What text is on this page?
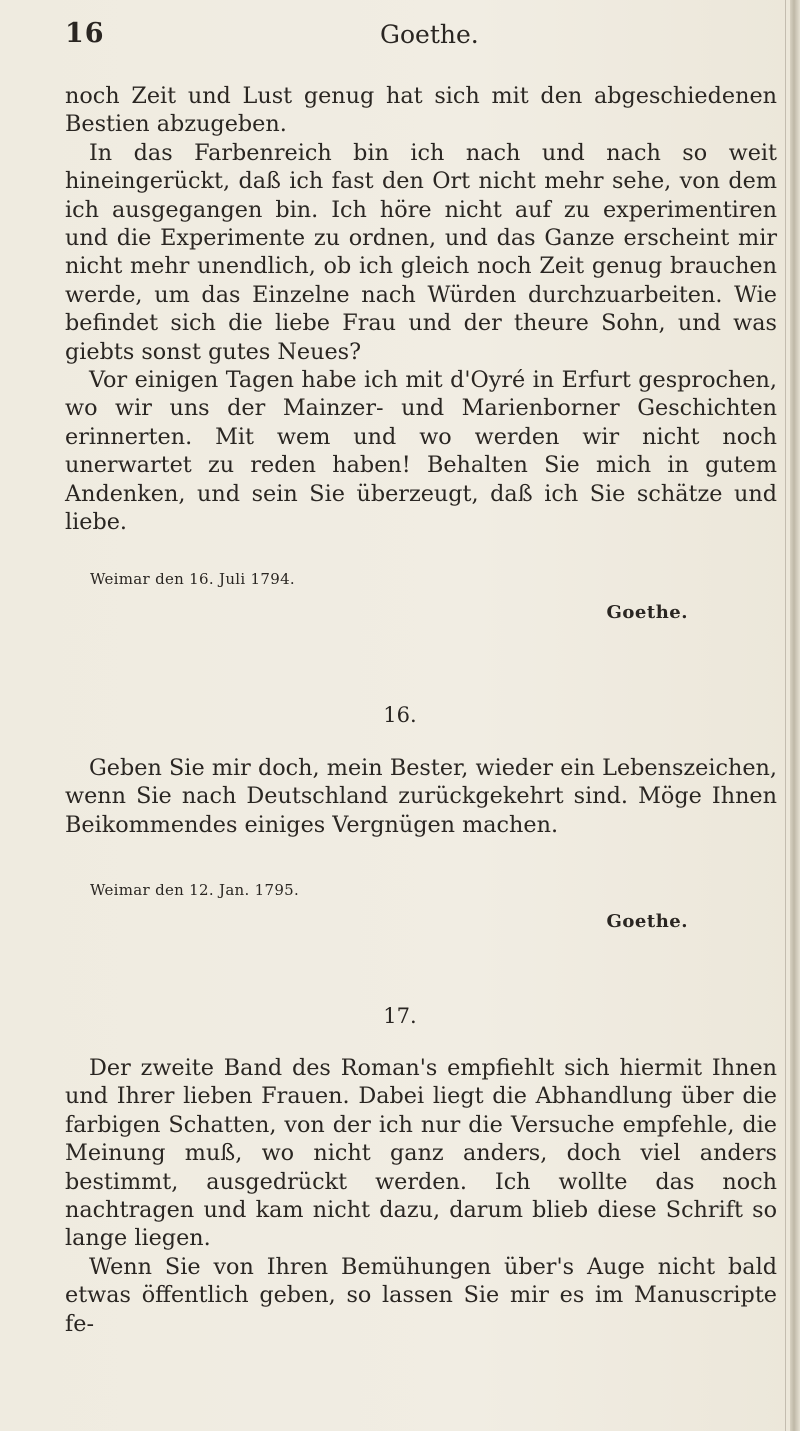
16	Goethe.

noch Zeit und Lust genug hat sich mit den abgeschiedenen Bestien abzugeben.

In das Farbenreich bin ich nach und nach so weit hineingerückt, daß ich fast den Ort nicht mehr sehe, von dem ich ausgegangen bin. Ich höre nicht auf zu experimentiren und die Experimente zu ordnen, und das Ganze erscheint mir nicht mehr unendlich, ob ich gleich noch Zeit genug brauchen werde, um das Einzelne nach Würden durchzuarbeiten. Wie befindet sich die liebe Frau und der theure Sohn, und was giebts sonst gutes Neues?

Vor einigen Tagen habe ich mit d'Oyré in Erfurt gesprochen, wo wir uns der Mainzer- und Marienborner Geschichten erinnerten. Mit wem und wo werden wir nicht noch unerwartet zu reden haben! Behalten Sie mich in gutem Andenken, und sein Sie überzeugt, daß ich Sie schätze und liebe.

Weimar den 16. Juli 1794.
Goethe.
16.

Geben Sie mir doch, mein Bester, wieder ein Lebenszeichen, wenn Sie nach Deutschland zurückgekehrt sind. Möge Ihnen Beikommendes einiges Vergnügen machen.

Weimar den 12. Jan. 1795.
Goethe.
17.

Der zweite Band des Roman's empfiehlt sich hiermit Ihnen und Ihrer lieben Frauen. Dabei liegt die Abhandlung über die farbigen Schatten, von der ich nur die Versuche empfehle, die Meinung muß, wo nicht ganz anders, doch viel anders bestimmt, ausgedrückt werden. Ich wollte das noch nachtragen und kam nicht dazu, darum blieb diese Schrift so lange liegen.

Wenn Sie von Ihren Bemühungen über's Auge nicht bald etwas öffentlich geben, so lassen Sie mir es im Manuscripte fe-
